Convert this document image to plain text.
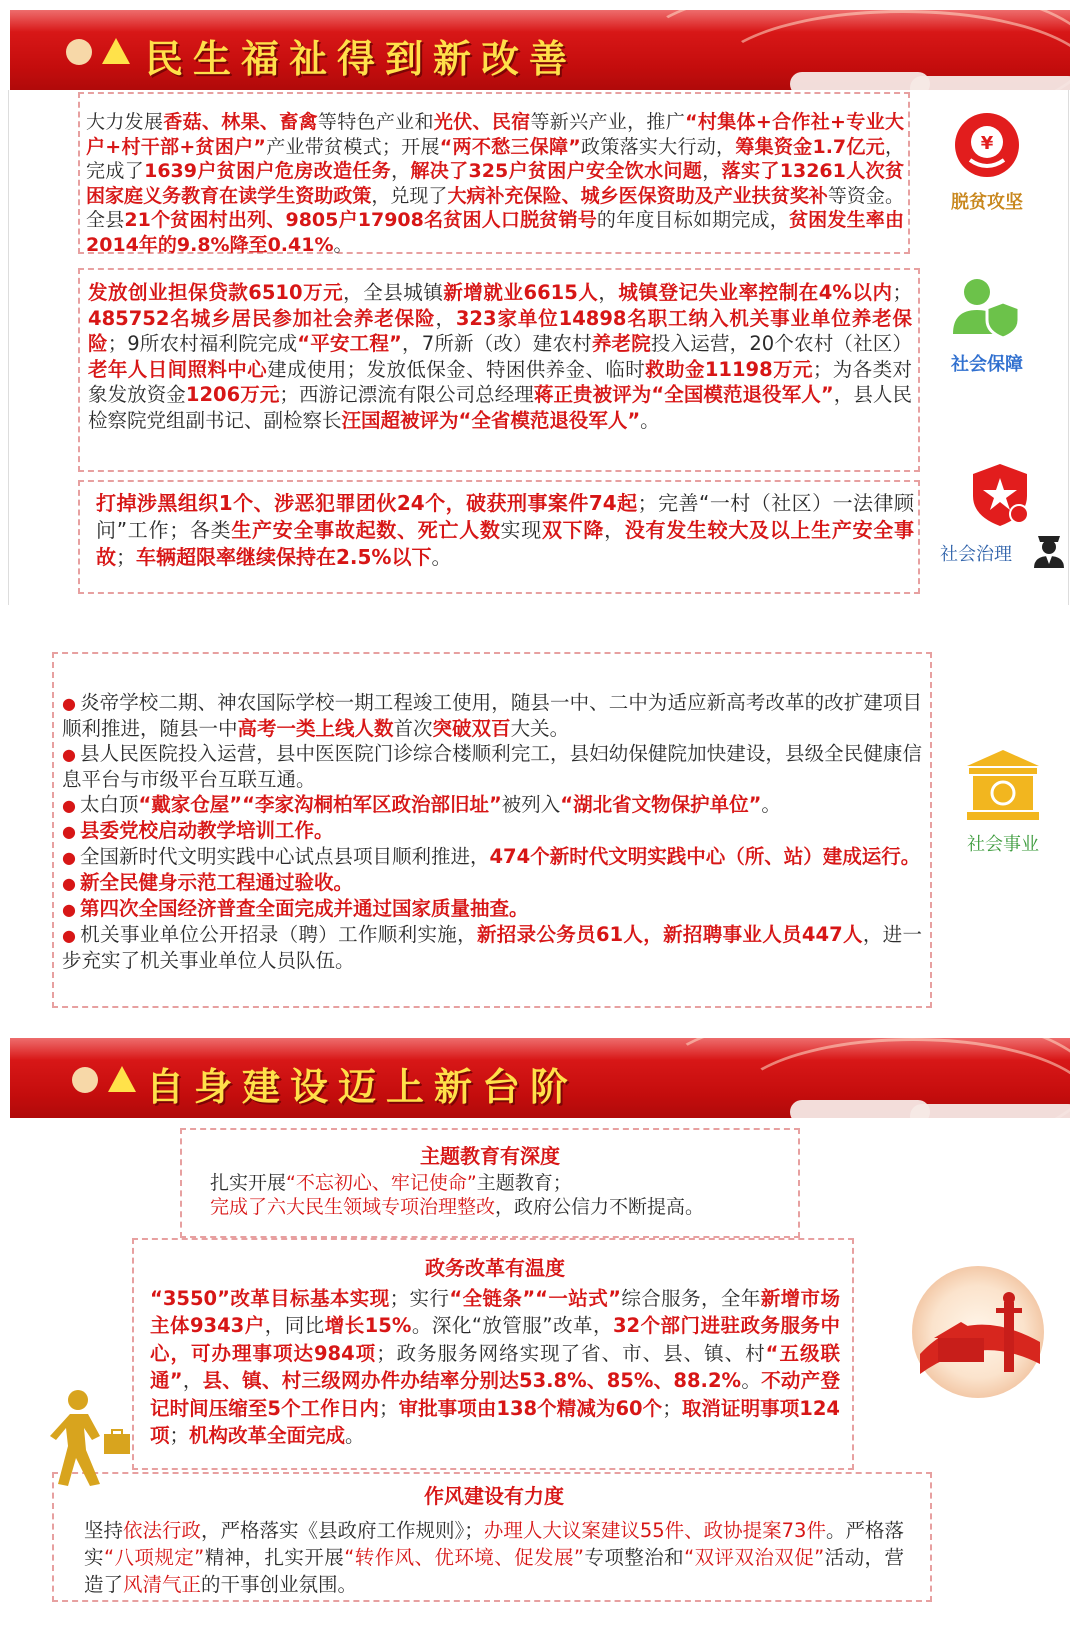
民生福祉得到新改善
大力发展香菇、林果、畜禽等特色产业和光伏、民宿等新兴产业，推广“村集体+合作社+专业大户+村干部+贫困户”产业带贫模式；开展“两不愁三保障”政策落实大行动，筹集资金1.7亿元，完成了1639户贫困户危房改造任务，解决了325户贫困户安全饮水问题，落实了13261人次贫困家庭义务教育在读学生资助政策，兑现了大病补充保险、城乡医保资助及产业扶贫奖补等资金。全县21个贫困村出列、9805户17908名贫困人口脱贫销号的年度目标如期完成，贫困发生率由2014年的9.8%降至0.41%。
发放创业担保贷款6510万元，全县城镇新增就业6615人，城镇登记失业率控制在4%以内；485752名城乡居民参加社会养老保险，323家单位14898名职工纳入机关事业单位养老保险；9所农村福利院完成“平安工程”，7所新（改）建农村养老院投入运营，20个农村（社区）老年人日间照料中心建成使用；发放低保金、特困供养金、临时救助金11198万元；为各类对象发放资金1206万元；西游记漂流有限公司总经理蒋正贵被评为“全国模范退役军人”，县人民检察院党组副书记、副检察长汪国超被评为“全省模范退役军人”。
打掉涉黑组织1个、涉恶犯罪团伙24个，破获刑事案件74起；完善“一村（社区）一法律顾问”工作；各类生产安全事故起数、死亡人数实现双下降，没有发生较大及以上生产安全事故；车辆超限率继续保持在2.5%以下。
¥
脱贫攻坚
社会保障
社会治理
● 炎帝学校二期、神农国际学校一期工程竣工使用，随县一中、二中为适应新高考改革的改扩建项目顺利推进，随县一中高考一类上线人数首次突破双百大关。
● 县人民医院投入运营，县中医医院门诊综合楼顺利完工，县妇幼保健院加快建设，县级全民健康信息平台与市级平台互联互通。
● 太白顶“戴家仓屋”“李家沟桐柏军区政治部旧址”被列入“湖北省文物保护单位”。
● 县委党校启动教学培训工作。
● 全国新时代文明实践中心试点县项目顺利推进，474个新时代文明实践中心（所、站）建成运行。
● 新全民健身示范工程通过验收。
● 第四次全国经济普查全面完成并通过国家质量抽查。
● 机关事业单位公开招录（聘）工作顺利实施，新招录公务员61人，新招聘事业人员447人，进一步充实了机关事业单位人员队伍。
社会事业
自身建设迈上新台阶
主题教育有深度
扎实开展“不忘初心、牢记使命”主题教育；
完成了六大民生领域专项治理整改，政府公信力不断提高。
政务改革有温度
“3550”改革目标基本实现；实行“全链条”“一站式”综合服务，全年新增市场主体9343户，同比增长15%。深化“放管服”改革，32个部门进驻政务服务中心，可办理事项达984项；政务服务网络实现了省、市、县、镇、村“五级联通”，县、镇、村三级网办件办结率分别达53.8%、85%、88.2%。不动产登记时间压缩至5个工作日内；审批事项由138个精减为60个；取消证明事项124项；机构改革全面完成。
作风建设有力度
坚持依法行政，严格落实《县政府工作规则》；办理人大议案建议55件、政协提案73件。严格落实“八项规定”精神，扎实开展“转作风、优环境、促发展”专项整治和“双评双治双促”活动，营造了风清气正的干事创业氛围。
